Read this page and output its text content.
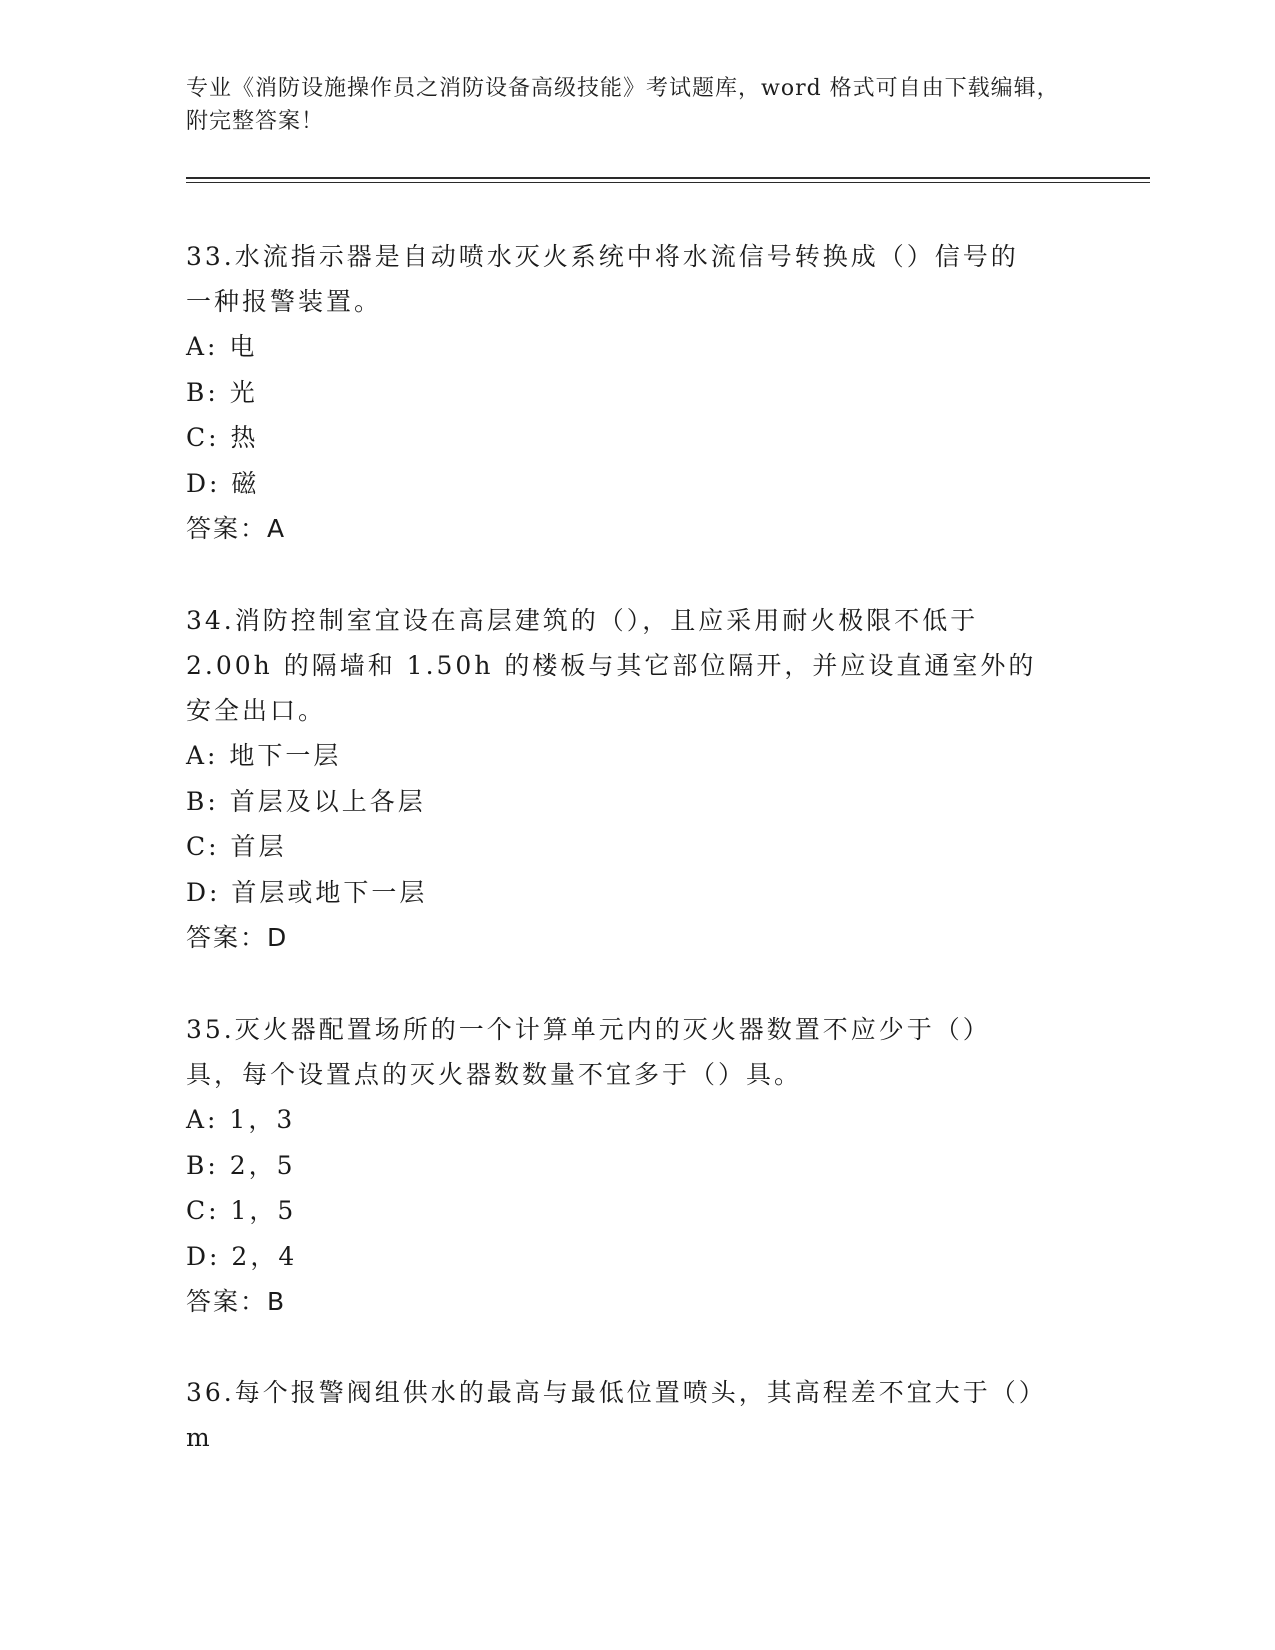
专业《消防设施操作员之消防设备高级技能》考试题库，word 格式可自由下载编辑，附完整答案！

33.水流指示器是自动喷水灭火系统中将水流信号转换成（）信号的一种报警装置。

A: 电

B: 光

C: 热

D: 磁

答案：A

34.消防控制室宜设在高层建筑的（），且应采用耐火极限不低于 2.00h 的隔墙和 1.50h 的楼板与其它部位隔开，并应设直通室外的安全出口。

A: 地下一层

B: 首层及以上各层

C: 首层

D: 首层或地下一层

答案：D

35.灭火器配置场所的一个计算单元内的灭火器数置不应少于（）具，每个设置点的灭火器数数量不宜多于（）具。

A: 1，3

B: 2，5

C: 1，5

D: 2，4

答案：B

36.每个报警阀组供水的最高与最低位置喷头，其高程差不宜大于（）m
